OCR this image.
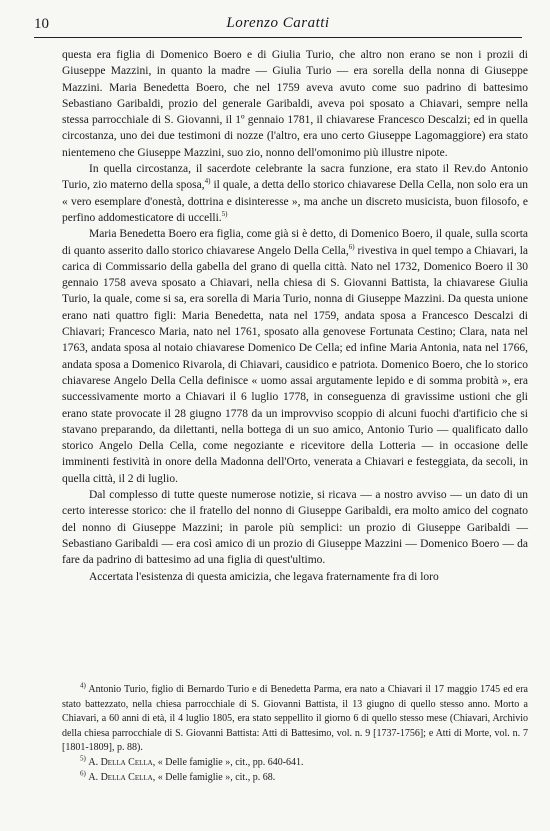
10	Lorenzo Caratti

questa era figlia di Domenico Boero e di Giulia Turio, che altro non erano se non i prozii di Giuseppe Mazzini, in quanto la madre — Giulia Turio — era sorella della nonna di Giuseppe Mazzini. Maria Benedetta Boero, che nel 1759 aveva avuto come suo padrino di battesimo Sebastiano Garibaldi, prozio del generale Garibaldi, aveva poi sposato a Chiavari, sempre nella stessa parrocchiale di S. Giovanni, il 1º gennaio 1781, il chiavarese Francesco Descalzi; ed in quella circostanza, uno dei due testimoni di nozze (l'altro, era uno certo Giuseppe Lagomaggiore) era stato nientemeno che Giuseppe Mazzini, suo zio, nonno dell'omonimo più illustre nipote.

In quella circostanza, il sacerdote celebrante la sacra funzione, era stato il Rev.do Antonio Turio, zio materno della sposa,$^{4)}$ il quale, a detta dello storico chiavarese Della Cella, non solo era un « vero esemplare d'onestà, dottrina e disinteresse », ma anche un discreto musicista, buon filosofo, e perfino addomesticatore di uccelli.$^{5)}$

Maria Benedetta Boero era figlia, come già si è detto, di Domenico Boero, il quale, sulla scorta di quanto asserito dallo storico chiavarese Angelo Della Cella,$^{6)}$ rivestiva in quel tempo a Chiavari, la carica di Commissario della gabella del grano di quella città. Nato nel 1732, Domenico Boero il 30 gennaio 1758 aveva sposato a Chiavari, nella chiesa di S. Giovanni Battista, la chiavarese Giulia Turio, la quale, come si sa, era sorella di Maria Turio, nonna di Giuseppe Mazzini. Da questa unione erano nati quattro figli: Maria Benedetta, nata nel 1759, andata sposa a Francesco Descalzi di Chiavari; Francesco Maria, nato nel 1761, sposato alla genovese Fortunata Cestino; Clara, nata nel 1763, andata sposa al notaio chiavarese Domenico De Cella; ed infine Maria Antonia, nata nel 1766, andata sposa a Domenico Rivarola, di Chiavari, causidico e patriota. Domenico Boero, che lo storico chiavarese Angelo Della Cella definisce « uomo assai argutamente lepido e di somma probità », era successivamente morto a Chiavari il 6 luglio 1778, in conseguenza di gravissime ustioni che gli erano state provocate il 28 giugno 1778 da un improvviso scoppio di alcuni fuochi d'artificio che si stavano preparando, da dilettanti, nella bottega di un suo amico, Antonio Turio — qualificato dallo storico Angelo Della Cella, come negoziante e ricevitore della Lotteria — in occasione delle imminenti festività in onore della Madonna dell'Orto, venerata a Chiavari e festeggiata, da secoli, in quella città, il 2 di luglio.

Dal complesso di tutte queste numerose notizie, si ricava — a nostro avviso — un dato di un certo interesse storico: che il fratello del nonno di Giuseppe Garibaldi, era molto amico del cognato del nonno di Giuseppe Mazzini; in parole più semplici: un prozio di Giuseppe Garibaldi — Sebastiano Garibaldi — era così amico di un prozio di Giuseppe Mazzini — Domenico Boero — da fare da padrino di battesimo ad una figlia di quest'ultimo.

Accertata l'esistenza di questa amicizia, che legava fraternamente fra di loro

$^{4)}$ Antonio Turio, figlio di Bernardo Turio e di Benedetta Parma, era nato a Chiavari il 17 maggio 1745 ed era stato battezzato, nella chiesa parrocchiale di S. Giovanni Battista, il 13 giugno di quello stesso anno. Morto a Chiavari, a 60 anni di età, il 4 luglio 1805, era stato seppellito il giorno 6 di quello stesso mese (Chiavari, Archivio della chiesa parrocchiale di S. Giovanni Battista: Atti di Battesimo, vol. n. 9 [1737-1756]; e Atti di Morte, vol. n. 7 [1801-1809], p. 88).

$^{5)}$ A. Della Cella, « Delle famiglie », cit., pp. 640-641.

$^{6)}$ A. Della Cella, « Delle famiglie », cit., p. 68.
